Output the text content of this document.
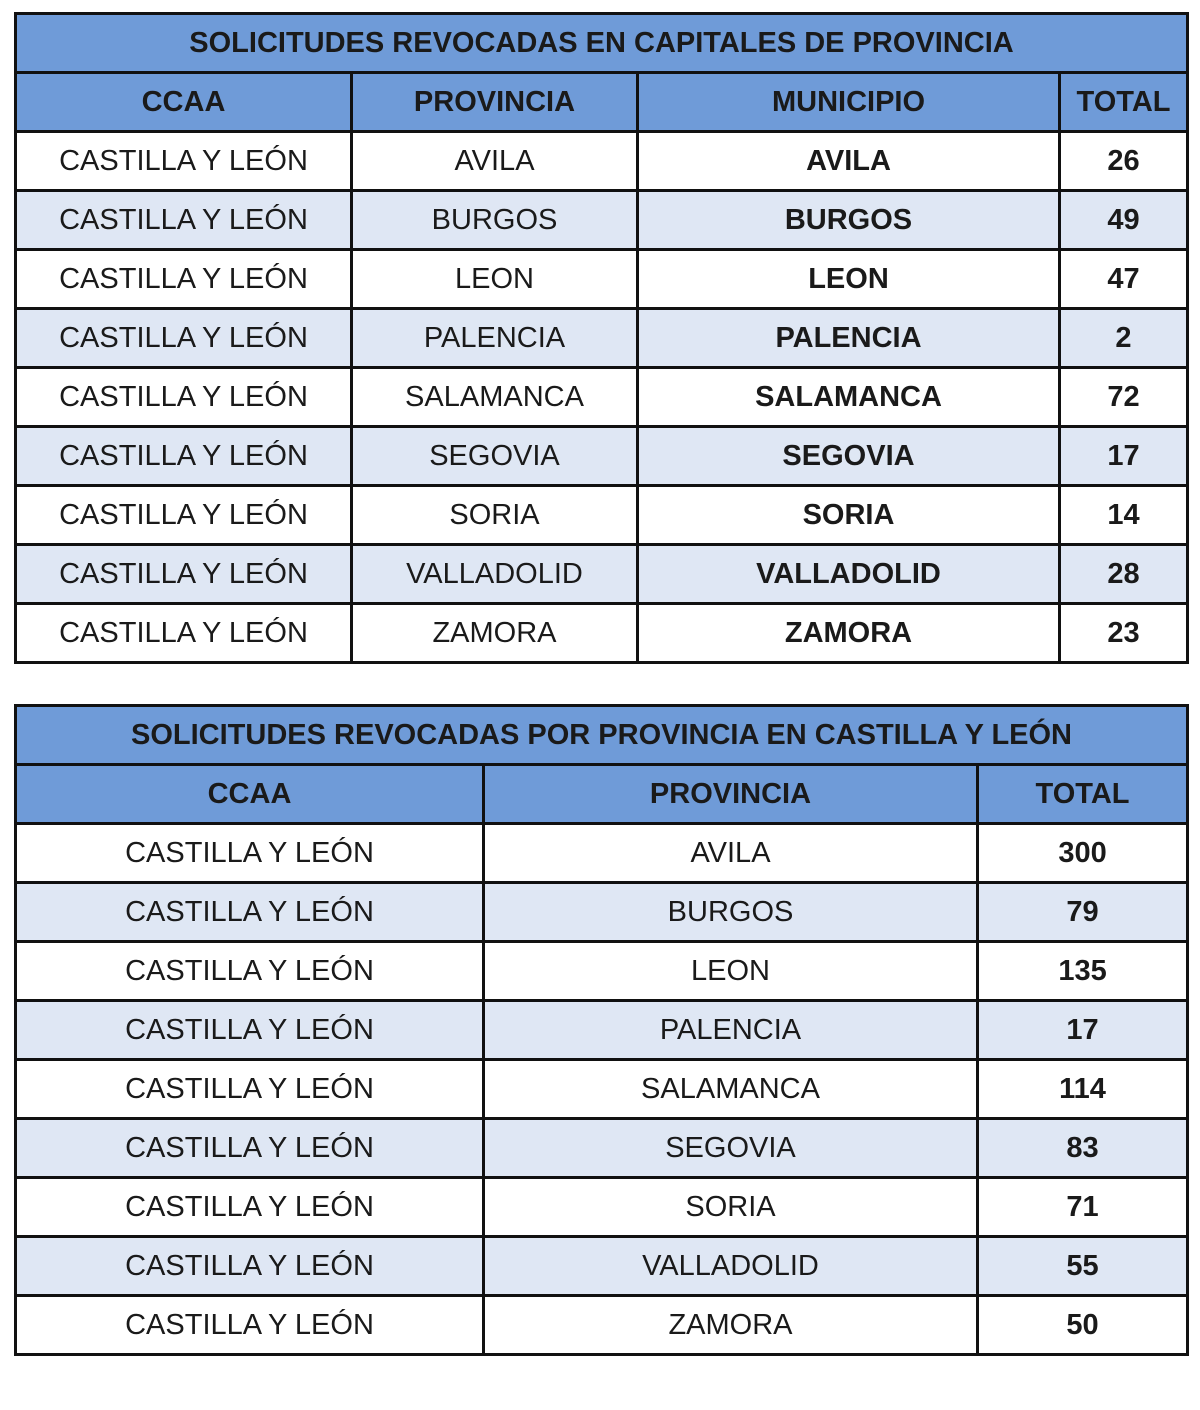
SOLICITUDES REVOCADAS EN CAPITALES DE PROVINCIA			
CCAA	PROVINCIA	MUNICIPIO	TOTAL
CASTILLA Y LEÓN	AVILA	AVILA	26
CASTILLA Y LEÓN	BURGOS	BURGOS	49
CASTILLA Y LEÓN	LEON	LEON	47
CASTILLA Y LEÓN	PALENCIA	PALENCIA	2
CASTILLA Y LEÓN	SALAMANCA	SALAMANCA	72
CASTILLA Y LEÓN	SEGOVIA	SEGOVIA	17
CASTILLA Y LEÓN	SORIA	SORIA	14
CASTILLA Y LEÓN	VALLADOLID	VALLADOLID	28
CASTILLA Y LEÓN	ZAMORA	ZAMORA	23
SOLICITUDES REVOCADAS POR PROVINCIA EN CASTILLA Y LEÓN		
CCAA	PROVINCIA	TOTAL
CASTILLA Y LEÓN	AVILA	300
CASTILLA Y LEÓN	BURGOS	79
CASTILLA Y LEÓN	LEON	135
CASTILLA Y LEÓN	PALENCIA	17
CASTILLA Y LEÓN	SALAMANCA	114
CASTILLA Y LEÓN	SEGOVIA	83
CASTILLA Y LEÓN	SORIA	71
CASTILLA Y LEÓN	VALLADOLID	55
CASTILLA Y LEÓN	ZAMORA	50
